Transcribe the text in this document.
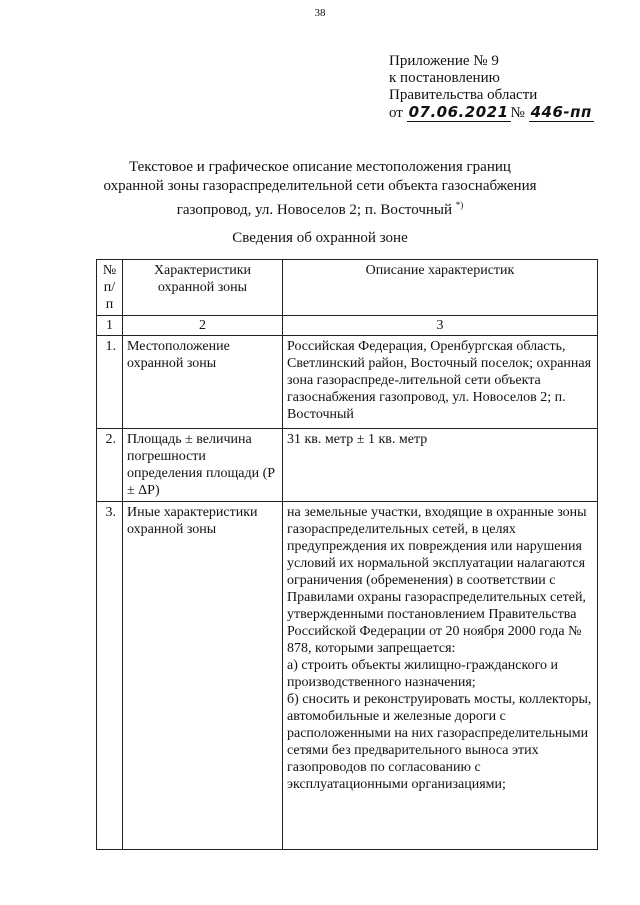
38
Приложение № 9
к постановлению
Правительства области
от 07.06.2021 № 446-пп
Текстовое и графическое описание местоположения границ
охранной зоны газораспределительной сети объекта газоснабжения
газопровод, ул. Новоселов 2; п. Восточный *)
Сведения об охранной зоне
№ п/п	Характеристики охранной зоны	Описание характеристик
1	2	3
1.	Местоположение охранной зоны	Российская Федерация, Оренбургская область, Светлинский район, Восточный поселок; охранная зона газораспреде-лительной сети объекта газоснабжения газопровод, ул. Новоселов 2; п. Восточный
2.	Площадь ± величина погрешности определения площади (P ± ΔP)	31 кв. метр ± 1 кв. метр
3.	Иные характеристики охранной зоны	на земельные участки, входящие в охранные зоны газораспределительных сетей, в целях предупреждения их повреждения или нарушения условий их нормальной эксплуатации налагаются ограничения (обременения) в соответствии с Правилами охраны газораспределительных сетей, утвержденными постановлением Правительства Российской Федерации от 20 ноября 2000 года № 878, которыми запрещается:
а) строить объекты жилищно-гражданского и производственного назначения;
б) сносить и реконструировать мосты, коллекторы, автомобильные и железные дороги с расположенными на них газораспределительными сетями без предварительного выноса этих газопроводов по согласованию с эксплуатационными организациями;
